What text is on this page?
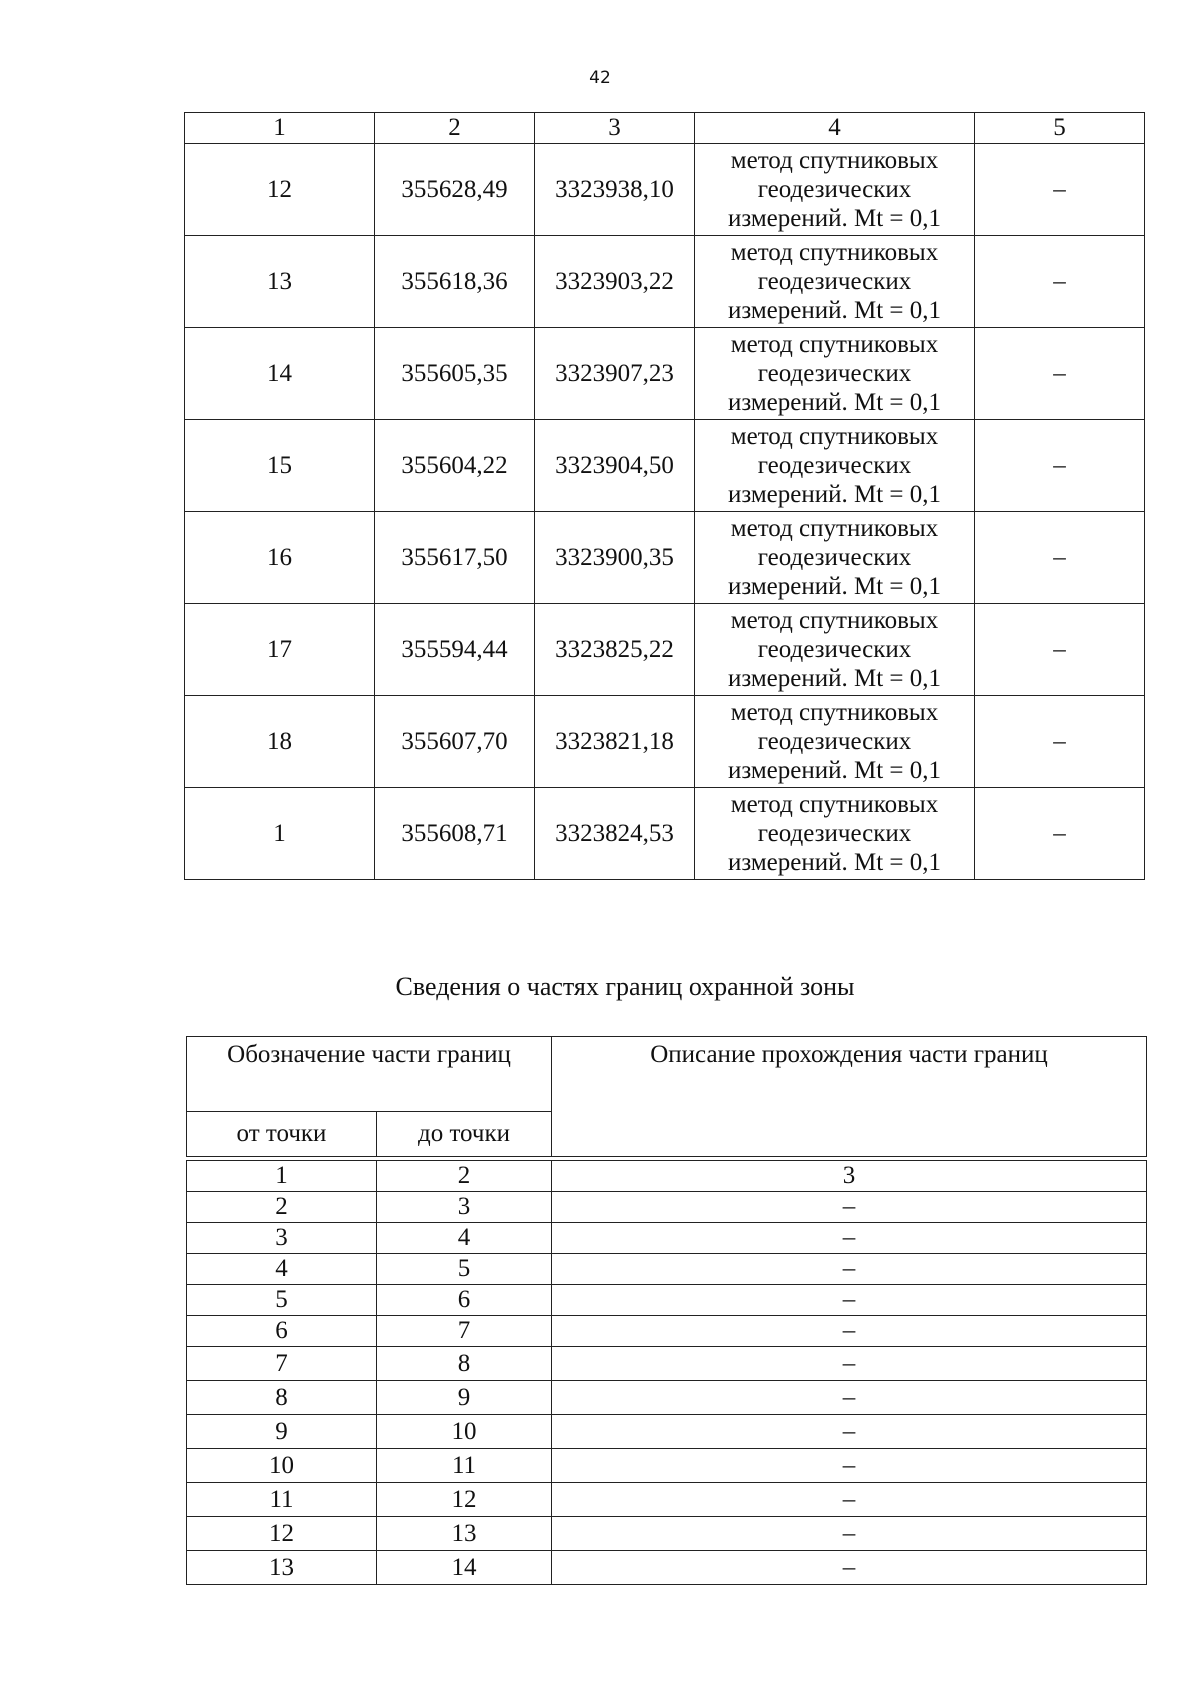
42
1	2	3	4	5
12	355628,49	3323938,10	метод спутниковых
геодезических
измерений. Mt = 0,1	–
13	355618,36	3323903,22	метод спутниковых
геодезических
измерений. Mt = 0,1	–
14	355605,35	3323907,23	метод спутниковых
геодезических
измерений. Mt = 0,1	–
15	355604,22	3323904,50	метод спутниковых
геодезических
измерений. Mt = 0,1	–
16	355617,50	3323900,35	метод спутниковых
геодезических
измерений. Mt = 0,1	–
17	355594,44	3323825,22	метод спутниковых
геодезических
измерений. Mt = 0,1	–
18	355607,70	3323821,18	метод спутниковых
геодезических
измерений. Mt = 0,1	–
1	355608,71	3323824,53	метод спутниковых
геодезических
измерений. Mt = 0,1	–
Сведения о частях границ охранной зоны
Обозначение части границ		Описание прохождения части границ
от точки	до точки	

1	2	3
2	3	–
3	4	–
4	5	–
5	6	–
6	7	–
7	8	–
8	9	–
9	10	–
10	11	–
11	12	–
12	13	–
13	14	–
